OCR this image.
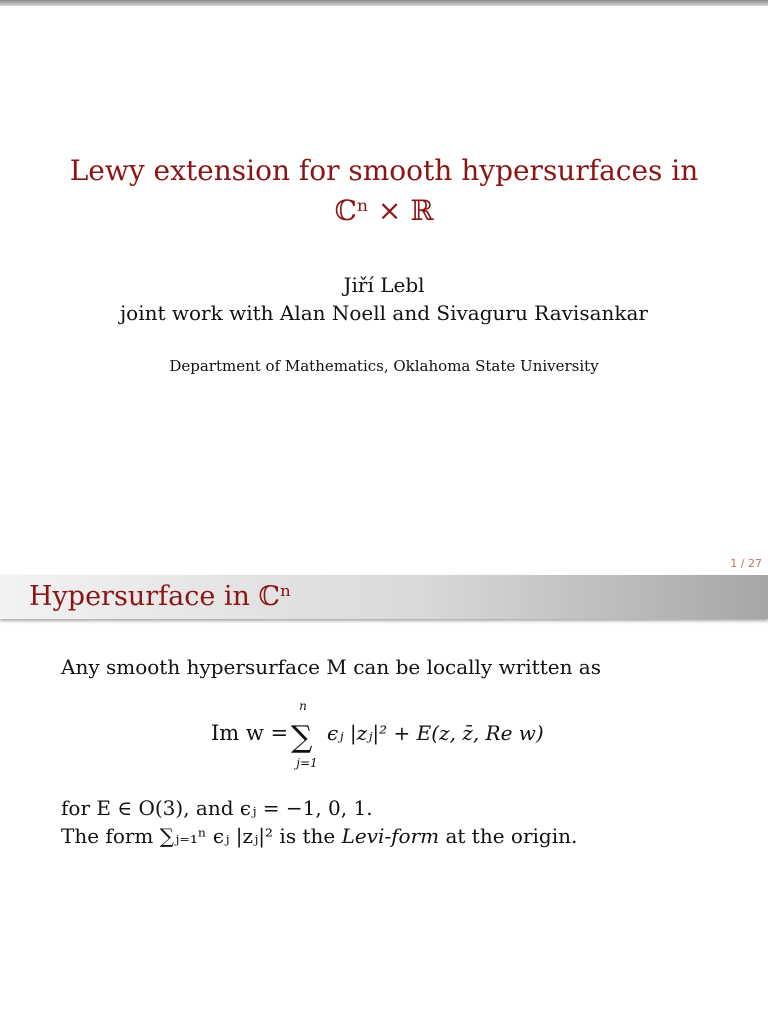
Lewy extension for smooth hypersurfaces in
ℂⁿ × ℝ
Jiří Lebl
joint work with Alan Noell and Sivaguru Ravisankar
Department of Mathematics, Oklahoma State University
1 / 27
Hypersurface in ℂⁿ
Any smooth hypersurface M can be locally written as
Im w =
n
∑
j=1
ϵⱼ |zⱼ|² + E(z, z̄, Re w)
for E ∈ O(3), and ϵⱼ = −1, 0, 1.
The form ∑ⱼ₌₁ⁿ ϵⱼ |zⱼ|² is the Levi-form at the origin.
